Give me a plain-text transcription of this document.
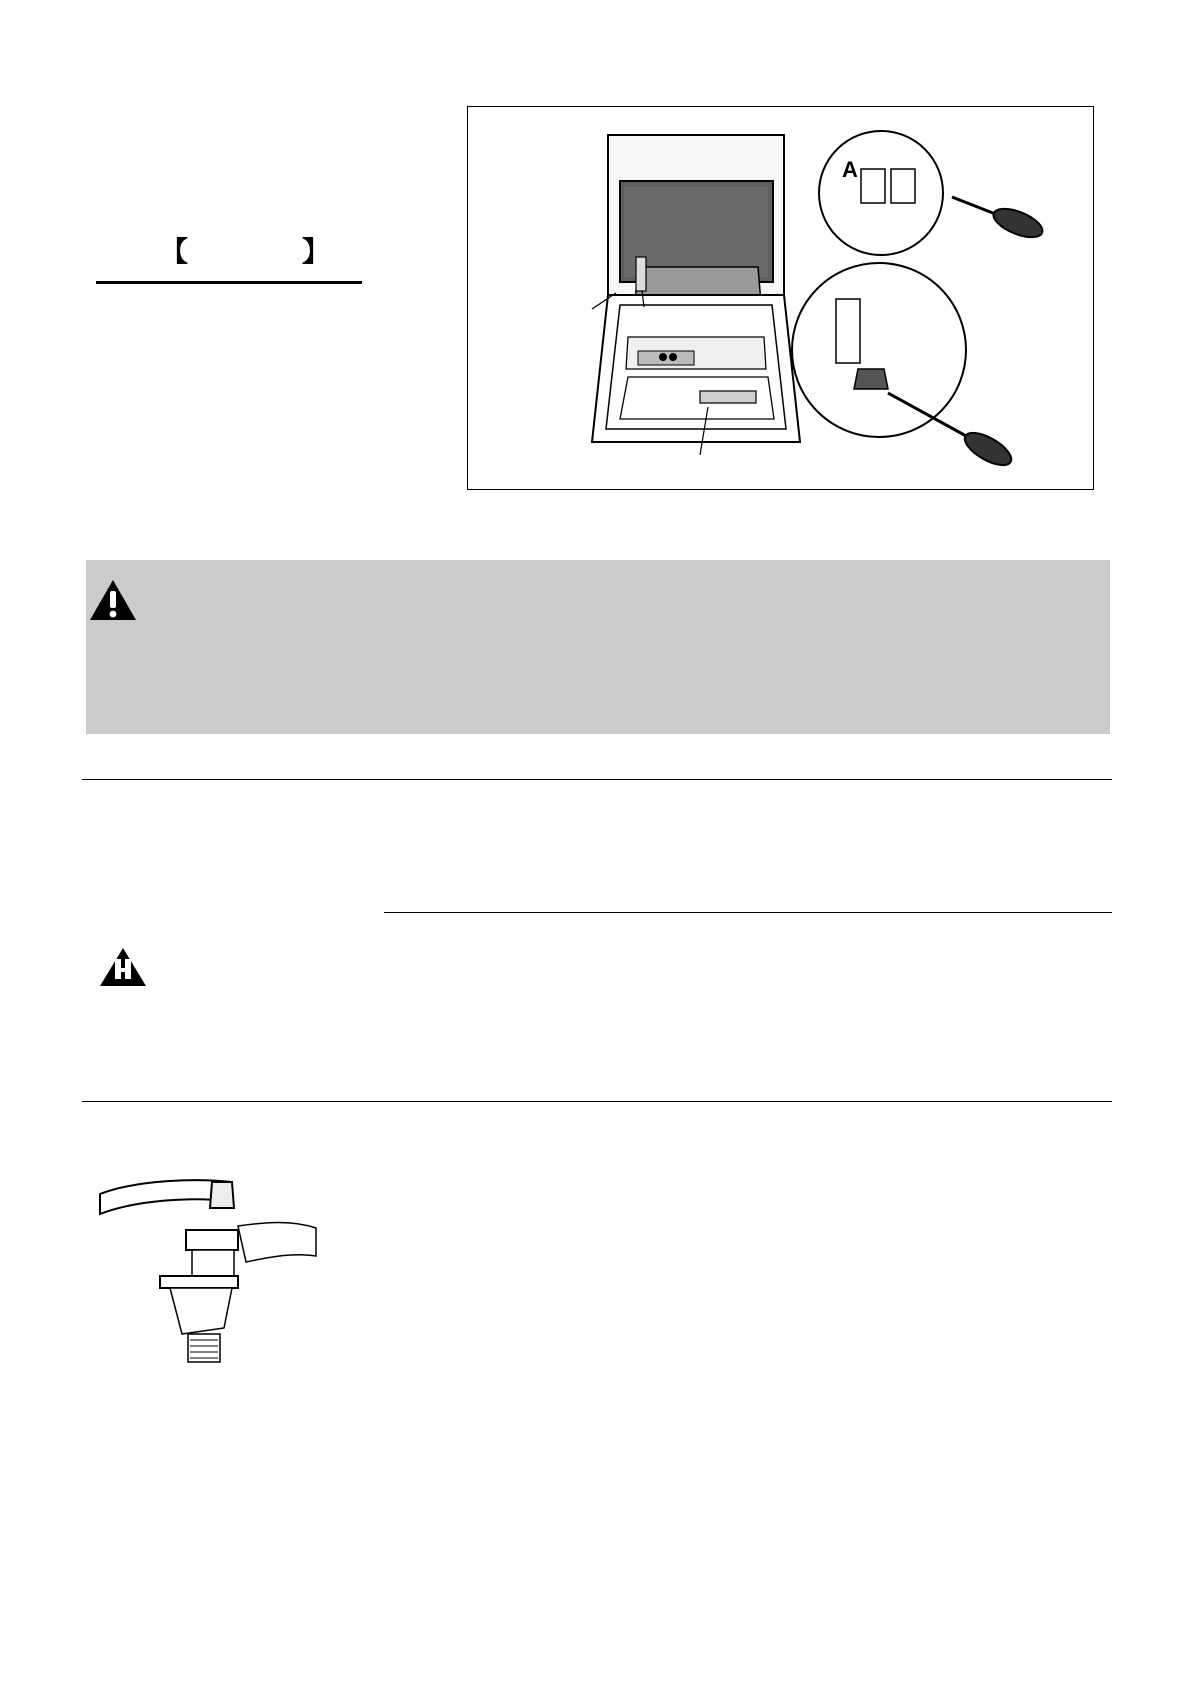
【	】
A
